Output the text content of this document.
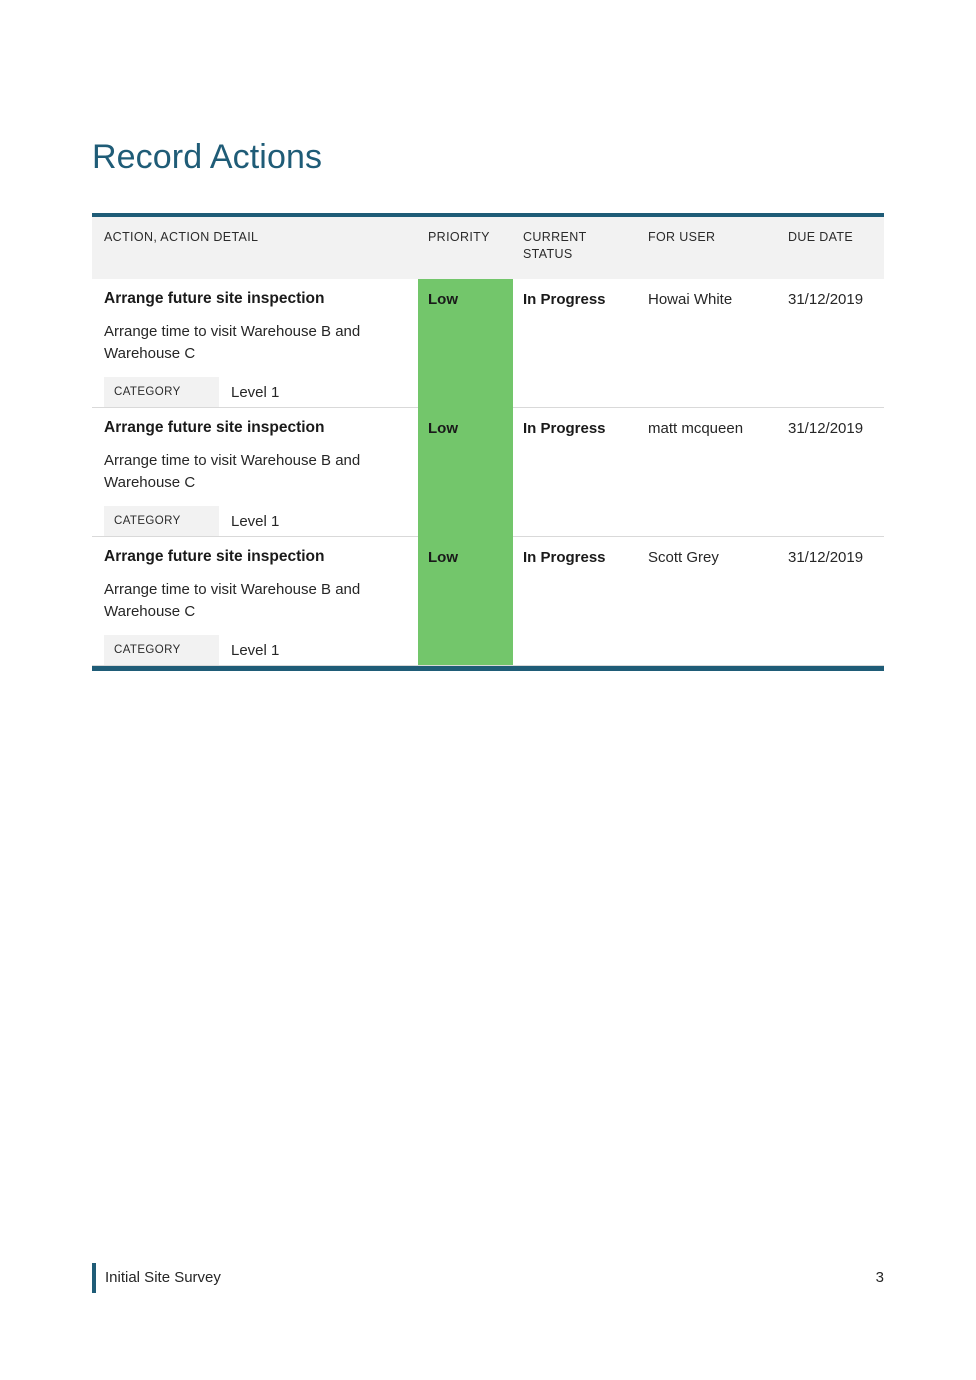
Record Actions
ACTION, ACTION DETAIL	PRIORITY	CURRENT STATUS	FOR USER	DUE DATE

Arrange future site inspection
Arrange time to visit Warehouse B and Warehouse C
CATEGORY Level 1	Low	In Progress	Howai White	31/12/2019

Arrange future site inspection
Arrange time to visit Warehouse B and Warehouse C
CATEGORY Level 1	Low	In Progress	matt mcqueen	31/12/2019

Arrange future site inspection
Arrange time to visit Warehouse B and Warehouse C
CATEGORY Level 1	Low	In Progress	Scott Grey	31/12/2019
Initial Site Survey	3
